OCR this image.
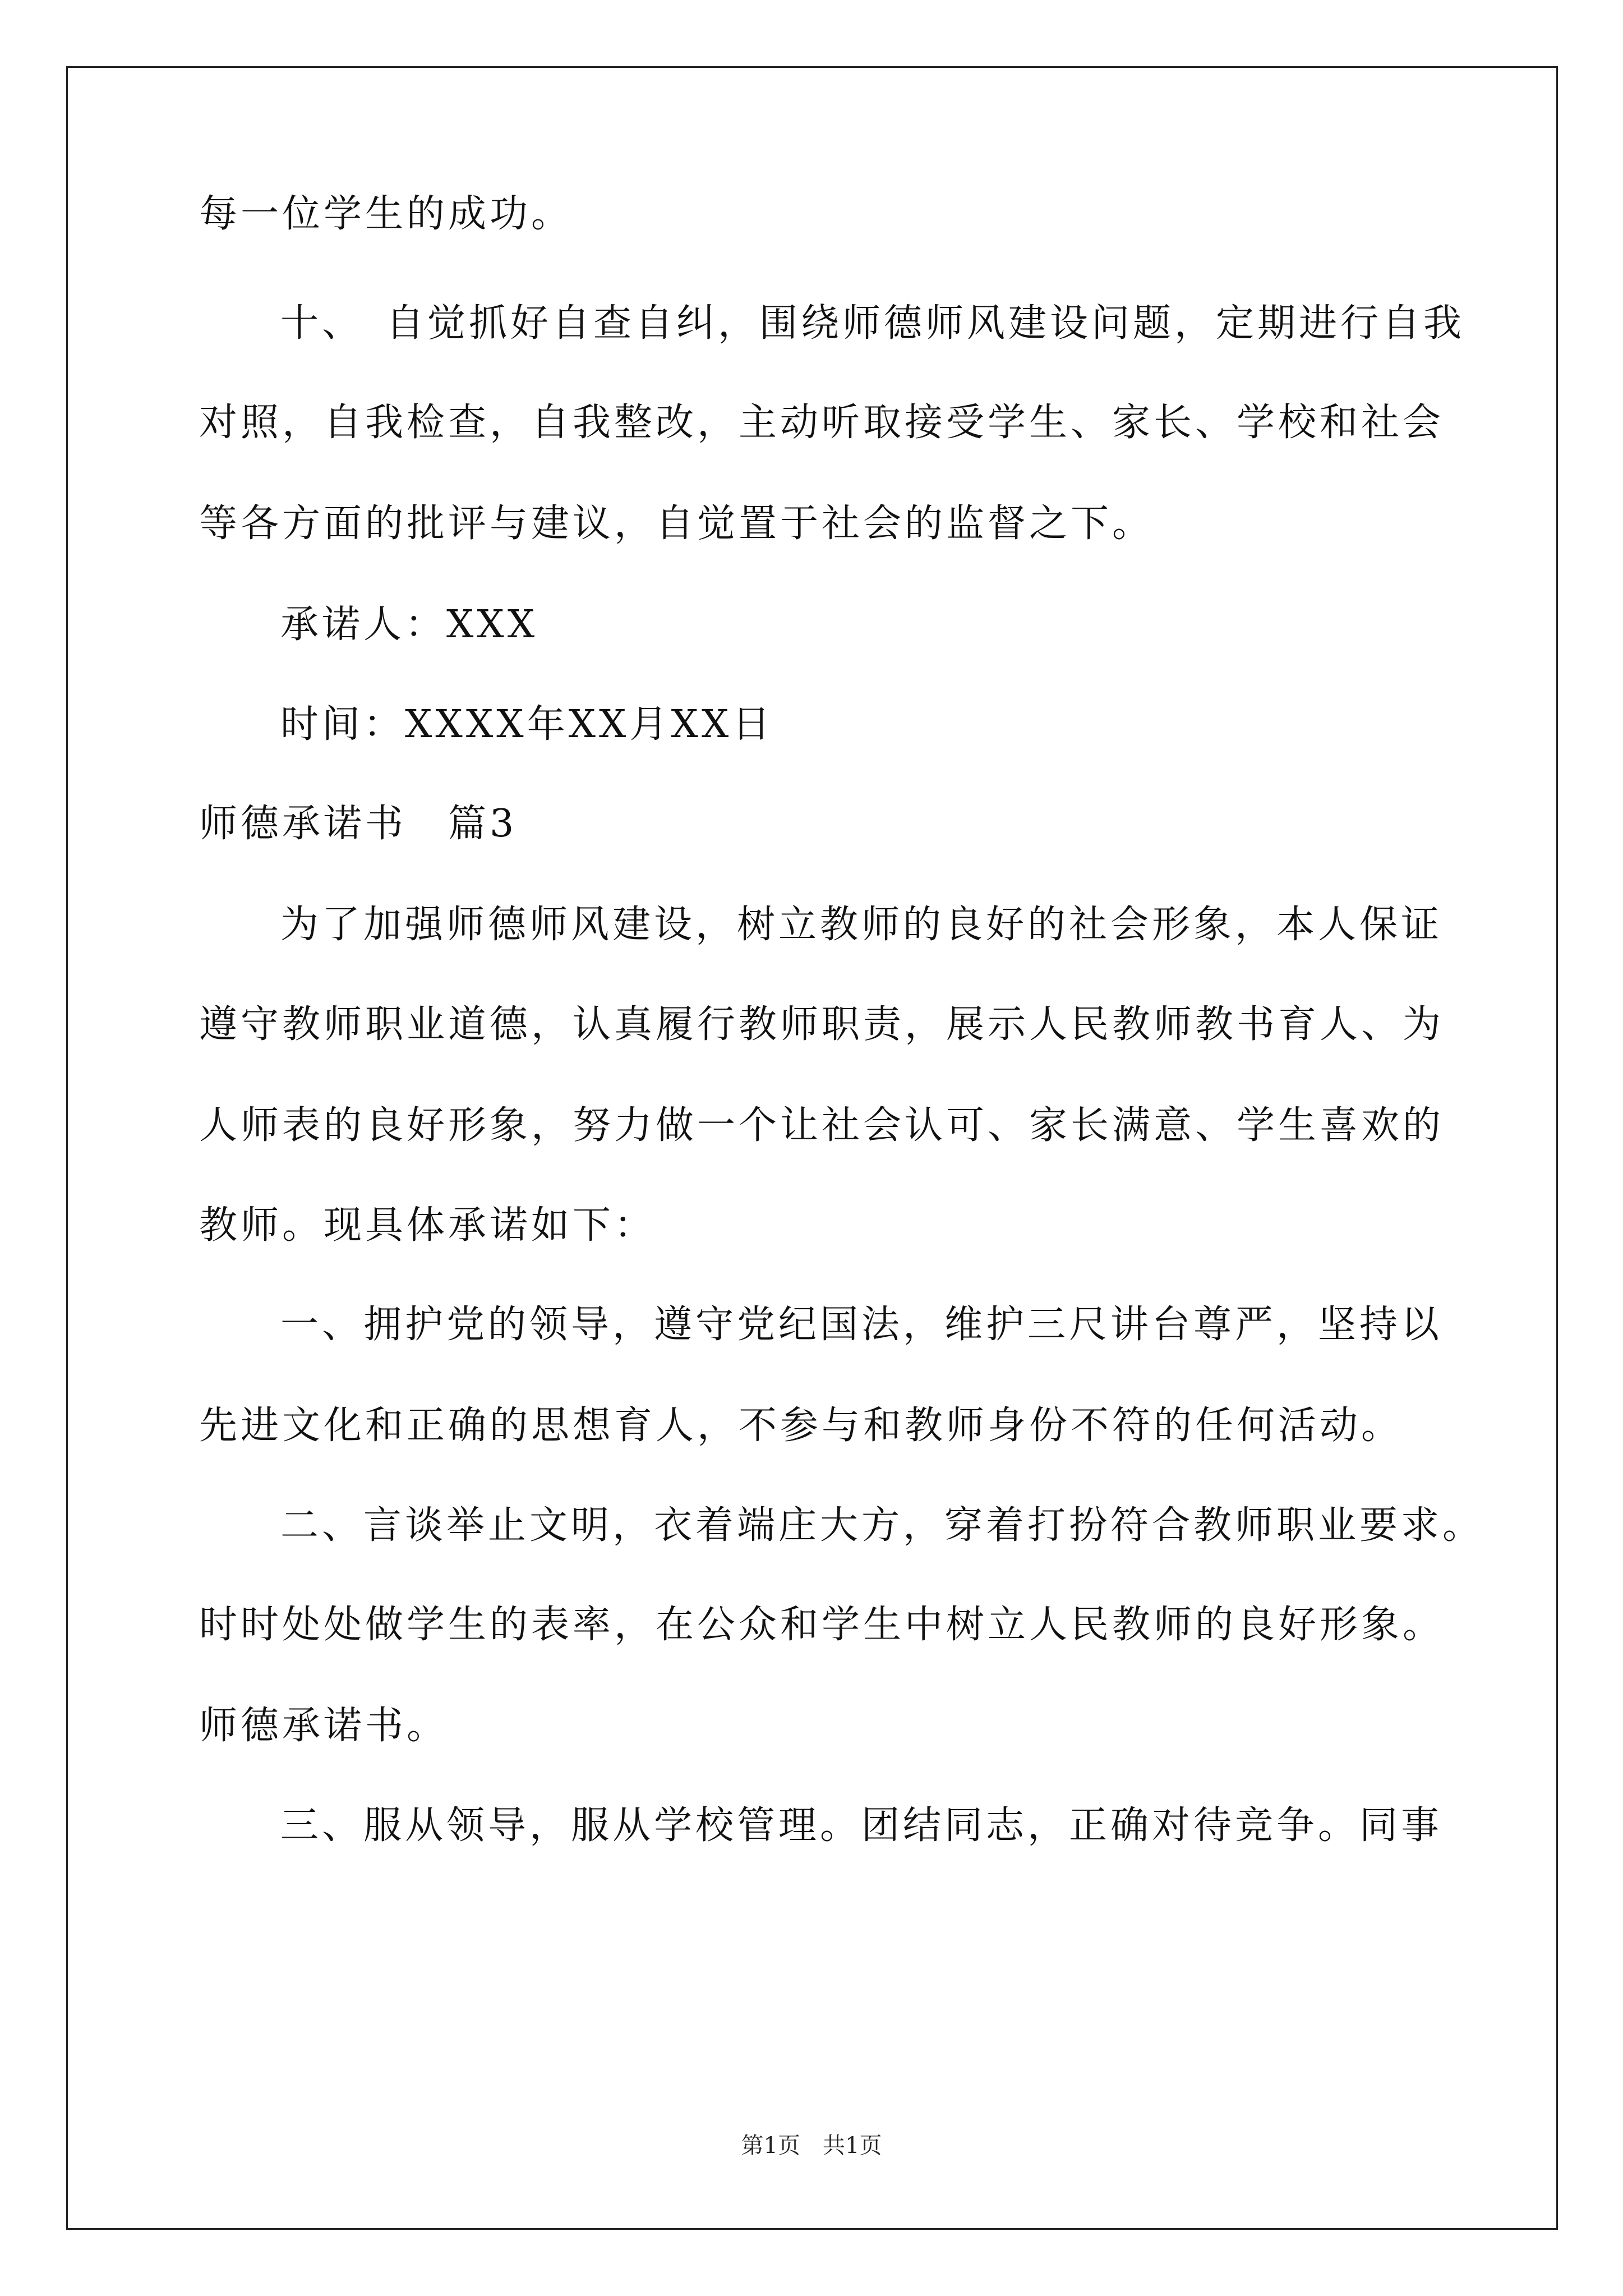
每一位学生的成功。
十、　自觉抓好自查自纠，围绕师德师风建设问题，定期进行自我
对照，自我检查，自我整改，主动听取接受学生、家长、学校和社会
等各方面的批评与建议，自觉置于社会的监督之下。
承诺人：XXX
时间：XXXX年XX月XX日
师德承诺书　篇3
为了加强师德师风建设，树立教师的良好的社会形象，本人保证
遵守教师职业道德，认真履行教师职责，展示人民教师教书育人、为
人师表的良好形象，努力做一个让社会认可、家长满意、学生喜欢的
教师。现具体承诺如下：
一、拥护党的领导，遵守党纪国法，维护三尺讲台尊严，坚持以
先进文化和正确的思想育人，不参与和教师身份不符的任何活动。
二、言谈举止文明，衣着端庄大方，穿着打扮符合教师职业要求。
时时处处做学生的表率，在公众和学生中树立人民教师的良好形象。
师德承诺书。
三、服从领导，服从学校管理。团结同志，正确对待竞争。同事
第1页　共1页
